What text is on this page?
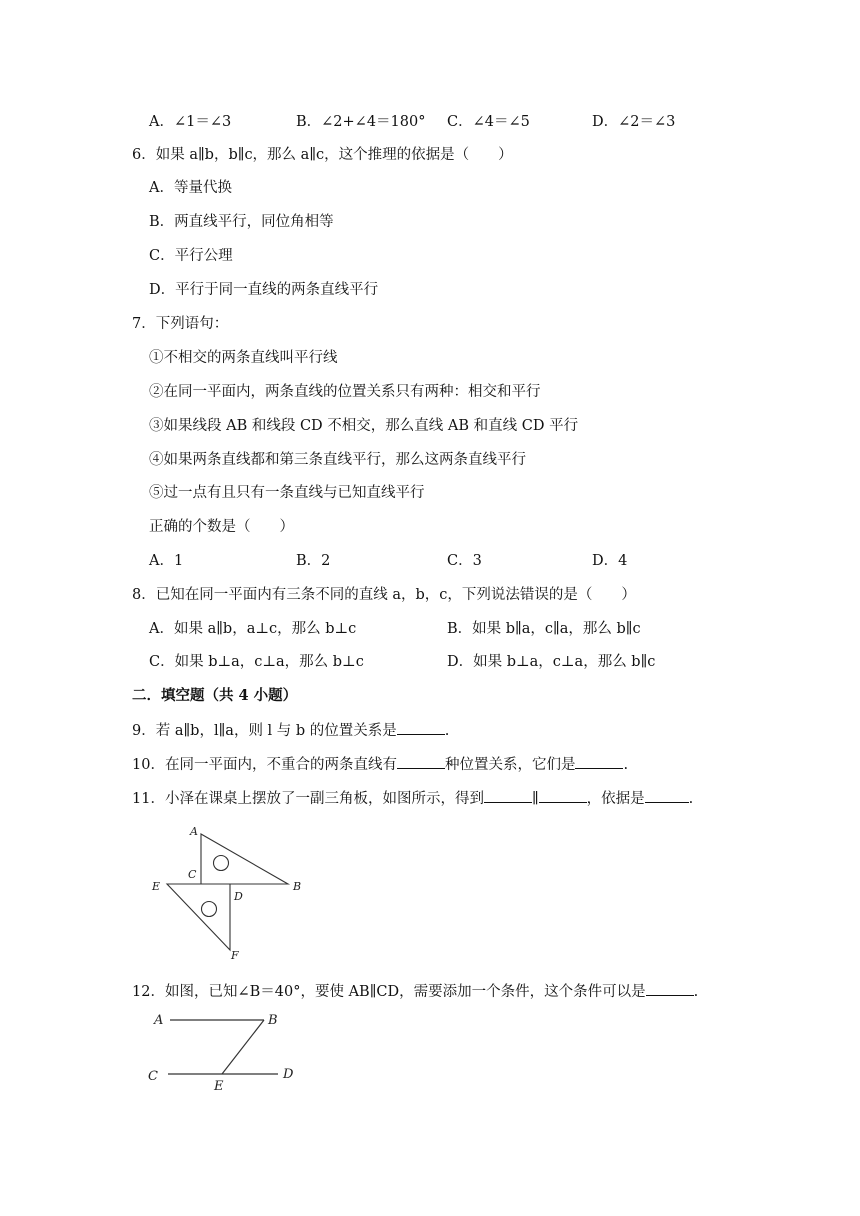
A．∠1＝∠3	B．∠2+∠4＝180° C．∠4＝∠5	D．∠2＝∠3
6．如果 a∥b，b∥c，那么 a∥c，这个推理的依据是（　　）
A．等量代换
B．两直线平行，同位角相等
C．平行公理
D．平行于同一直线的两条直线平行
7．下列语句：
①不相交的两条直线叫平行线
②在同一平面内，两条直线的位置关系只有两种：相交和平行
③如果线段 AB 和线段 CD 不相交，那么直线 AB 和直线 CD 平行
④如果两条直线都和第三条直线平行，那么这两条直线平行
⑤过一点有且只有一条直线与已知直线平行
正确的个数是（　　）
A．1	B．2	C．3	D．4
8．已知在同一平面内有三条不同的直线 a，b，c，下列说法错误的是（　　）
A．如果 a∥b，a⊥c，那么 b⊥c	B．如果 b∥a，c∥a，那么 b∥c
C．如果 b⊥a，c⊥a，那么 b⊥c	D．如果 b⊥a，c⊥a，那么 b∥c
二．填空题（共 4 小题）
9．若 a∥b，l∥a，则 l 与 b 的位置关系是	.
10．在同一平面内，不重合的两条直线有	种位置关系，它们是	.
11．小泽在课桌上摆放了一副三角板，如图所示，得到	∥	，依据是	.
A
C
E
D
B
F
12．如图，已知∠B＝40°，要使 AB∥CD，需要添加一个条件，这个条件可以是	.
A	B
C
E
D
